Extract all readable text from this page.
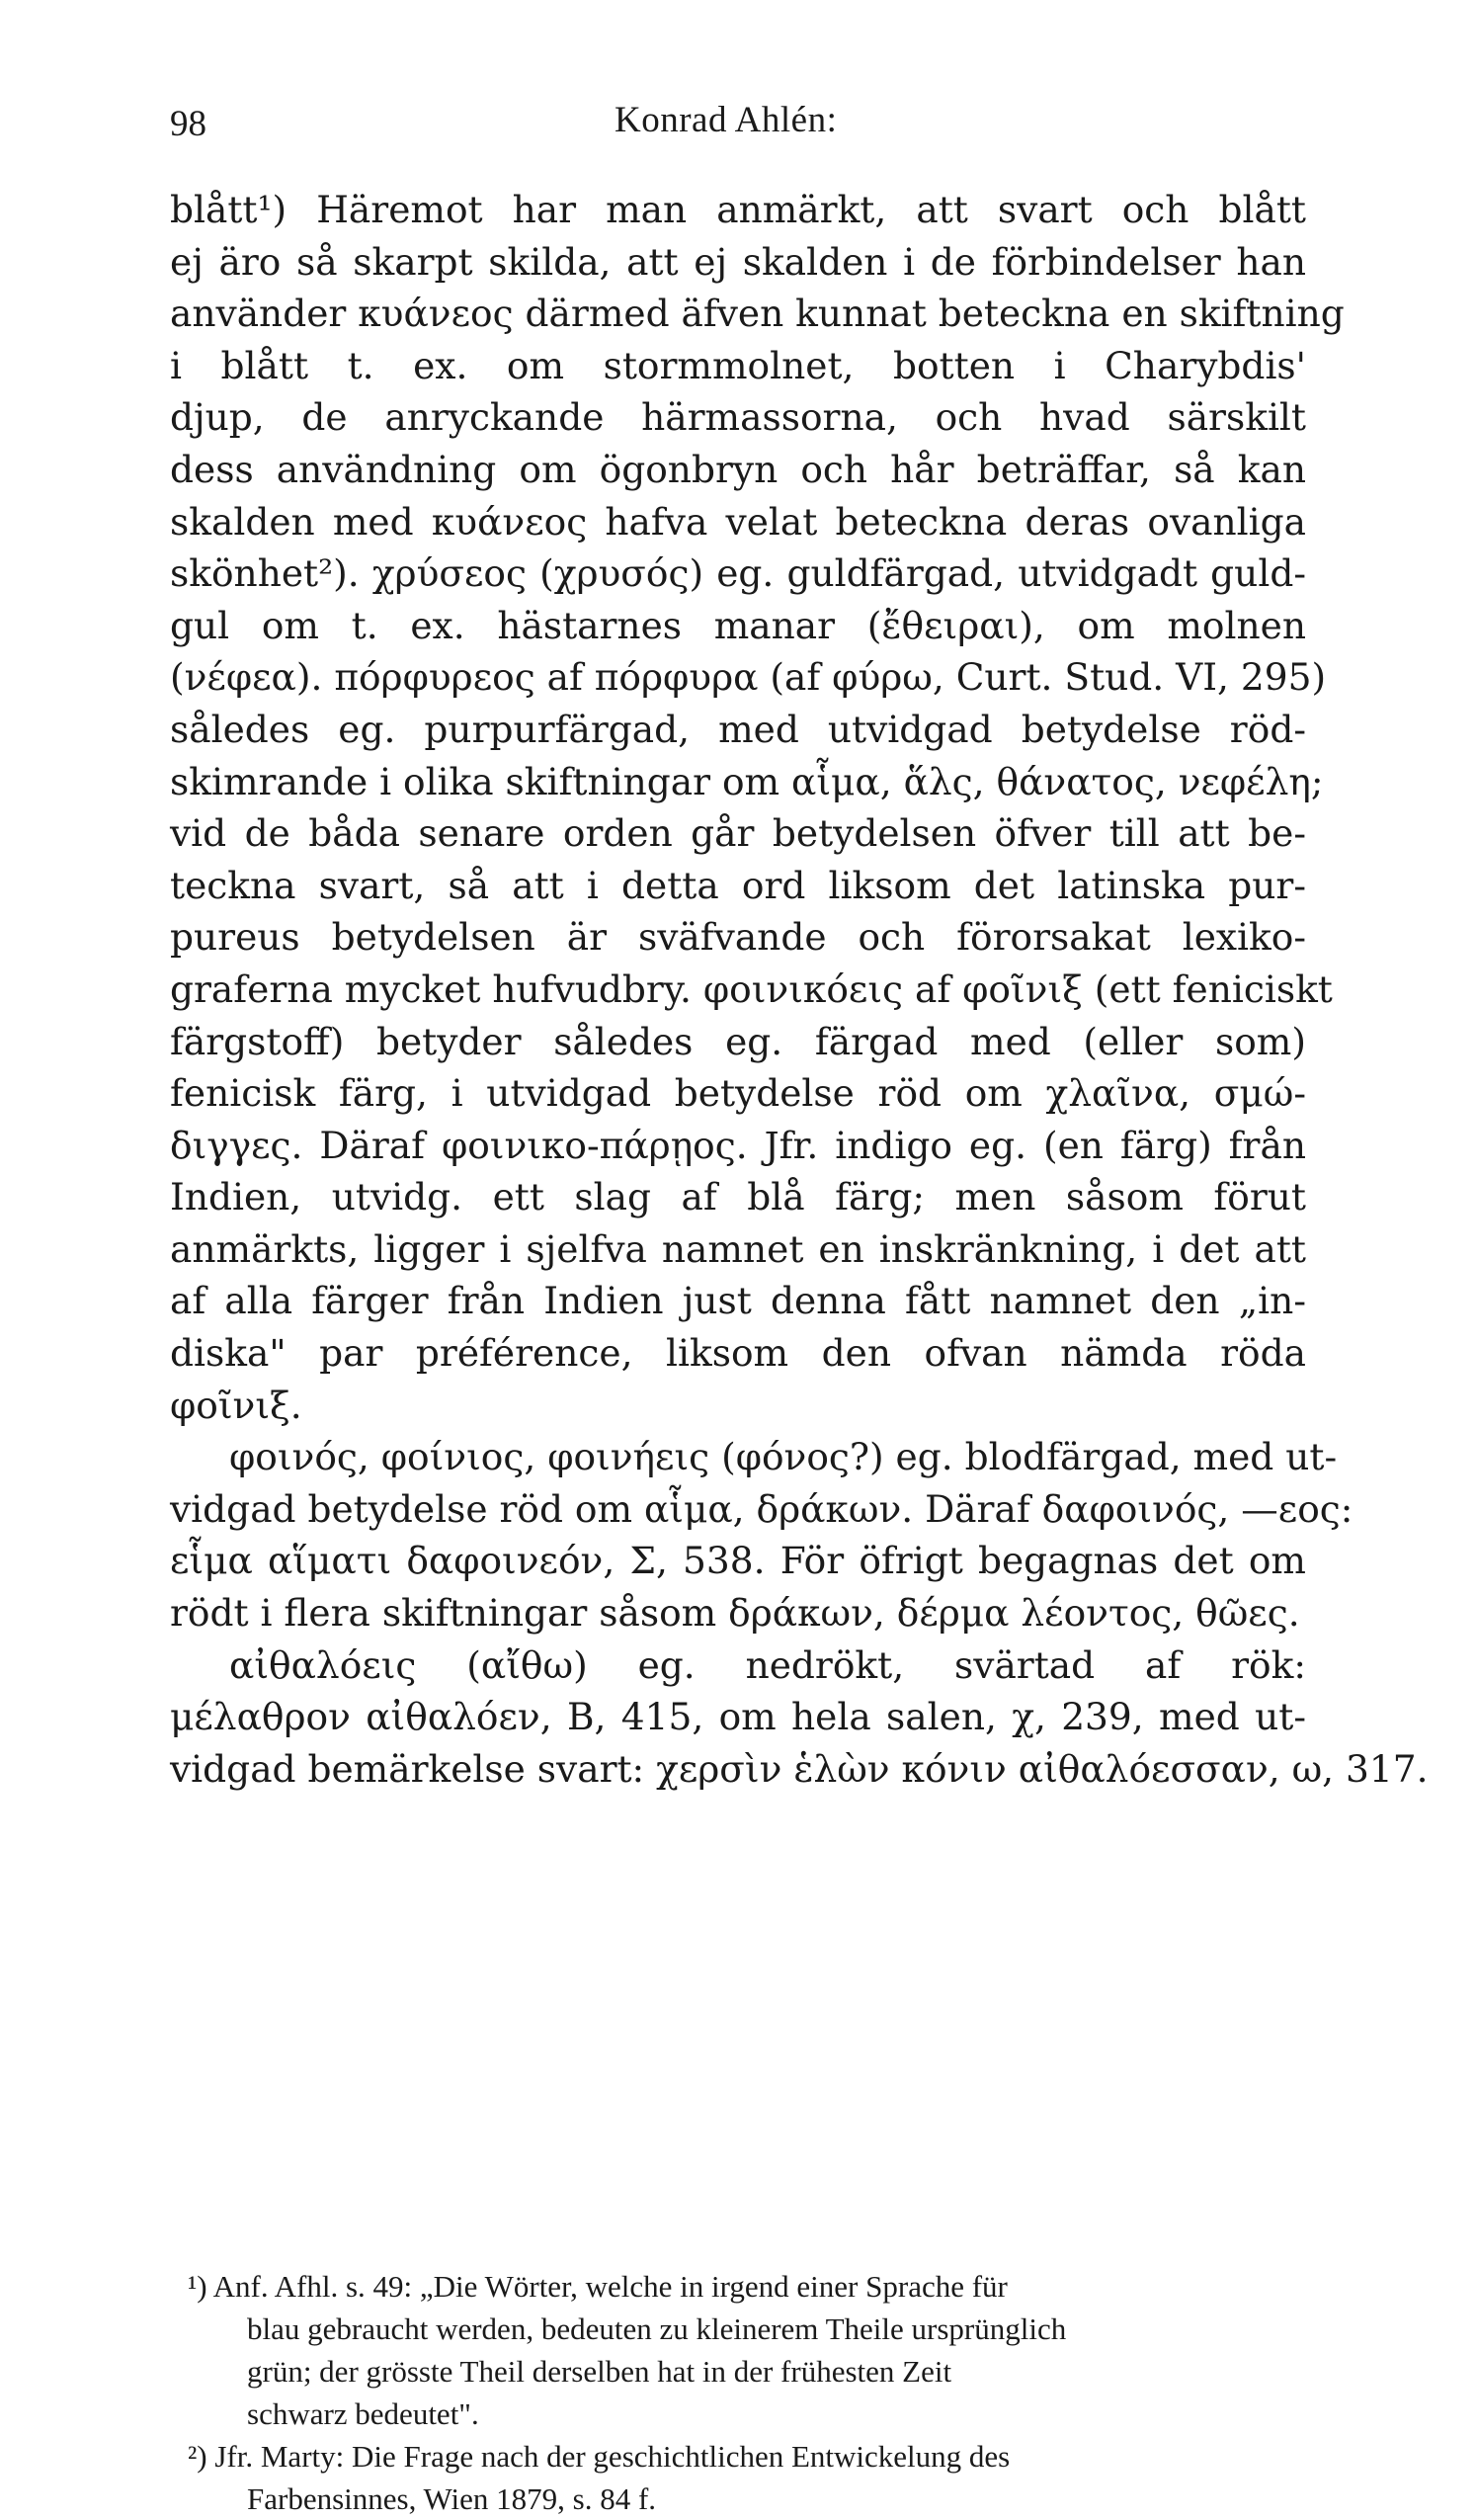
98	Konrad Ahlén:
blått¹) Häremot har man anmärkt, att svart och blått
ej äro så skarpt skilda, att ej skalden i de förbindelser han
använder κυάνεος därmed äfven kunnat beteckna en skiftning
i blått t. ex. om stormmolnet, botten i Charybdis'
djup, de anryckande härmassorna, och hvad särskilt
dess användning om ögonbryn och hår beträffar, så kan
skalden med κυάνεος hafva velat beteckna deras ovanliga
skönhet²). χρύσεος (χρυσός) eg. guldfärgad, utvidgadt guld-
gul om t. ex. hästarnes manar (ἔθειραι), om molnen
(νέφεα). πόρφυρεος af πόρφυρα (af φύρω, Curt. Stud. VI, 295)
således eg. purpurfärgad, med utvidgad betydelse röd-
skimrande i olika skiftningar om αἷμα, ἅλς, θάνατος, νεφέλη;
vid de båda senare orden går betydelsen öfver till att be-
teckna svart, så att i detta ord liksom det latinska pur-
pureus betydelsen är sväfvande och förorsakat lexiko-
graferna mycket hufvudbry. φοινικόεις af φοῖνιξ (ett feniciskt
färgstoff) betyder således eg. färgad med (eller som)
fenicisk färg, i utvidgad betydelse röd om χλαῖνα, σμώ-
διγγες. Däraf φοινικο-πάρῃος. Jfr. indigo eg. (en färg) från
Indien, utvidg. ett slag af blå färg; men såsom förut
anmärkts, ligger i sjelfva namnet en inskränkning, i det att
af alla färger från Indien just denna fått namnet den „in-
diska" par préférence, liksom den ofvan nämda röda
φοῖνιξ.
φοινός, φοίνιος, φοινήεις (φόνος?) eg. blodfärgad, med ut-
vidgad betydelse röd om αἷμα, δράκων. Däraf δαφοινός, —εος:
εἷμα αἵματι δαφοινεόν, Σ, 538. För öfrigt begagnas det om
rödt i flera skiftningar såsom δράκων, δέρμα λέοντος, θῶες.
αἰθαλόεις (αἴθω) eg. nedrökt, svärtad af rök:
μέλαθρον αἰθαλόεν, Β, 415, om hela salen, χ, 239, med ut-
vidgad bemärkelse svart: χερσὶν ἑλὼν κόνιν αἰθαλόεσσαν, ω, 317.
¹) Anf. Afhl. s. 49: „Die Wörter, welche in irgend einer Sprache für
blau gebraucht werden, bedeuten zu kleinerem Theile ursprünglich
grün; der grösste Theil derselben hat in der frühesten Zeit
schwarz bedeutet".
²) Jfr. Marty: Die Frage nach der geschichtlichen Entwickelung des
Farbensinnes, Wien 1879, s. 84 f.
